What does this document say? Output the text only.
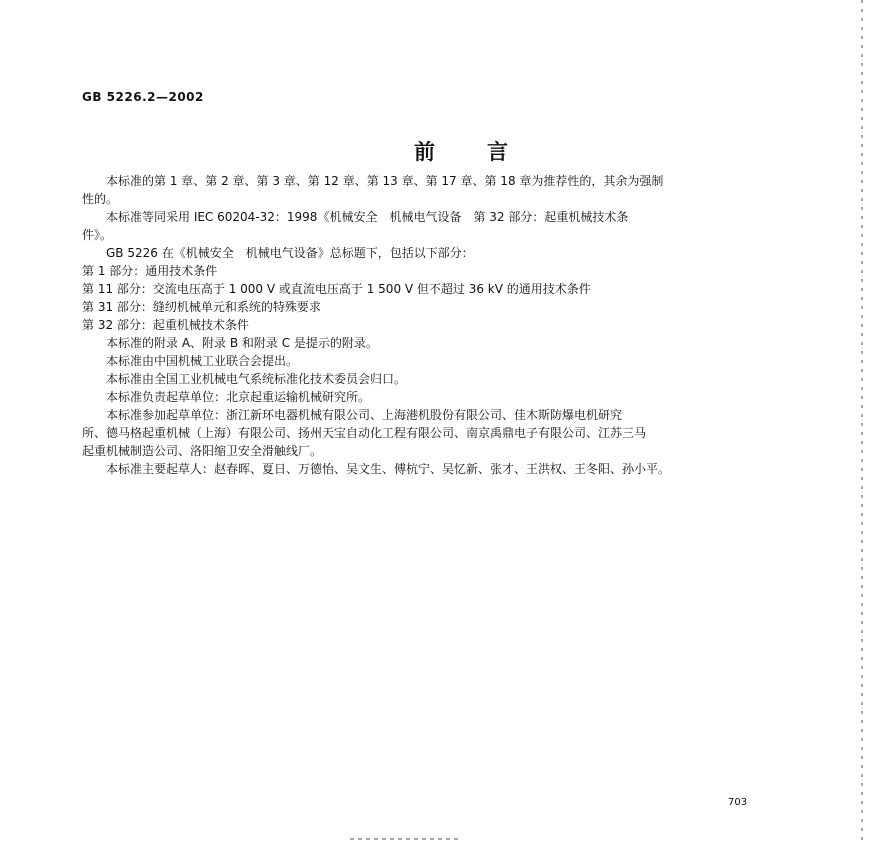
GB 5226.2—2002
前言
本标准的第 1 章、第 2 章、第 3 章、第 12 章、第 13 章、第 17 章、第 18 章为推荐性的，其余为强制
性的。
本标准等同采用 IEC 60204-32：1998《机械安全　机械电气设备　第 32 部分：起重机械技术条
件》。
GB 5226 在《机械安全　机械电气设备》总标题下，包括以下部分：
第 1 部分：通用技术条件
第 11 部分：交流电压高于 1 000 V 或直流电压高于 1 500 V 但不超过 36 kV 的通用技术条件
第 31 部分：缝纫机械单元和系统的特殊要求
第 32 部分：起重机械技术条件
本标准的附录 A、附录 B 和附录 C 是提示的附录。
本标准由中国机械工业联合会提出。
本标准由全国工业机械电气系统标准化技术委员会归口。
本标准负责起草单位：北京起重运输机械研究所。
本标准参加起草单位：浙江新环电器机械有限公司、上海港机股份有限公司、佳木斯防爆电机研究
所、德马格起重机械（上海）有限公司、扬州天宝自动化工程有限公司、南京禹鼎电子有限公司、江苏三马
起重机械制造公司、洛阳缩卫安全滑触线厂。
本标准主要起草人：赵春晖、夏日、万德怡、吴文生、傅杭宁、吴忆新、张才、王洪权、王冬阳、孙小平。
703
